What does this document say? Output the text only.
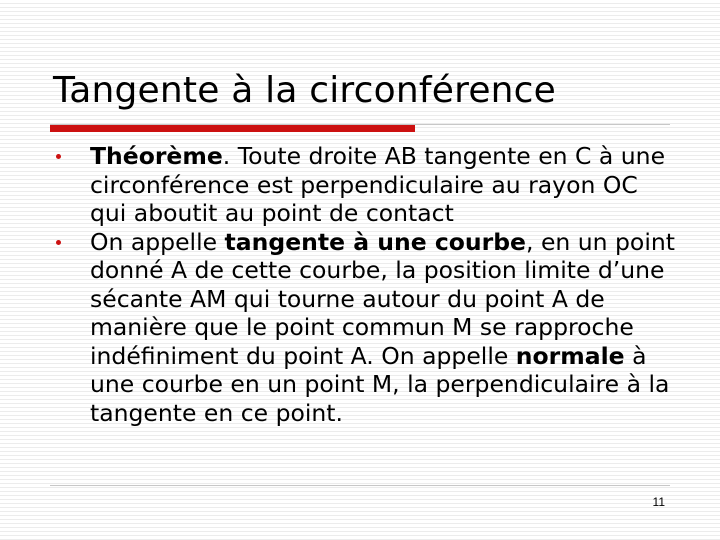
Tangente à la circonférence
Théorème. Toute droite AB tangente en C à une circonférence est perpendiculaire au rayon OC qui aboutit au point de contact
On appelle tangente à une courbe, en un point donné A de cette courbe, la position limite d’une sécante AM qui tourne autour du point A de manière que le point commun M se rapproche indéfiniment du point A. On appelle normale à une courbe en un point M, la perpendiculaire à la tangente en ce point.
11
